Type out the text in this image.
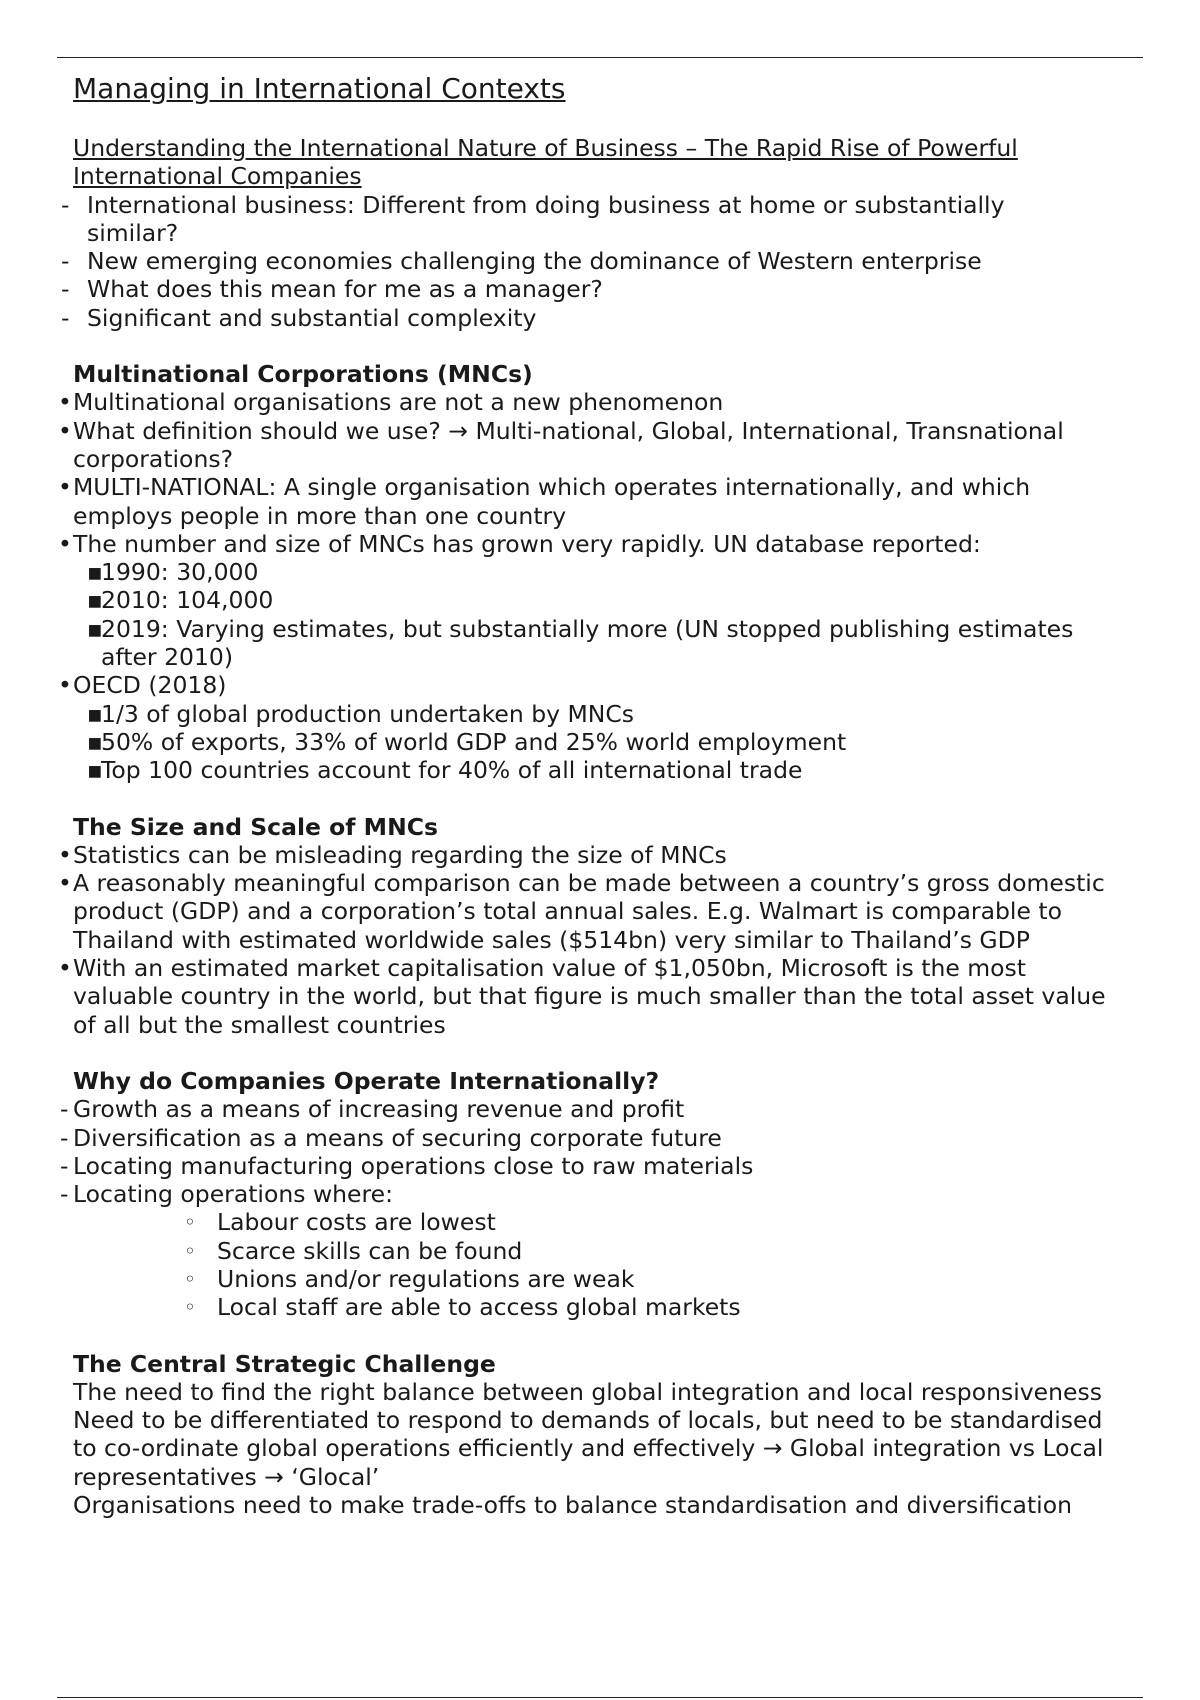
Managing in International Contexts
Understanding the International Nature of Business – The Rapid Rise of Powerful International Companies
- International business: Different from doing business at home or substantially similar?
- New emerging economies challenging the dominance of Western enterprise
- What does this mean for me as a manager?
- Significant and substantial complexity
Multinational Corporations (MNCs)
• Multinational organisations are not a new phenomenon
• What definition should we use? → Multi-national, Global, International, Transnational corporations?
• MULTI-NATIONAL: A single organisation which operates internationally, and which employs people in more than one country
• The number and size of MNCs has grown very rapidly. UN database reported:
▪ 1990: 30,000
▪ 2010: 104,000
▪ 2019: Varying estimates, but substantially more (UN stopped publishing estimates after 2010)
• OECD (2018)
▪ 1/3 of global production undertaken by MNCs
▪ 50% of exports, 33% of world GDP and 25% world employment
▪ Top 100 countries account for 40% of all international trade
The Size and Scale of MNCs
• Statistics can be misleading regarding the size of MNCs
• A reasonably meaningful comparison can be made between a country’s gross domestic product (GDP) and a corporation’s total annual sales. E.g. Walmart is comparable to Thailand with estimated worldwide sales ($514bn) very similar to Thailand’s GDP
• With an estimated market capitalisation value of $1,050bn, Microsoft is the most valuable country in the world, but that figure is much smaller than the total asset value of all but the smallest countries
Why do Companies Operate Internationally?
- Growth as a means of increasing revenue and profit
- Diversification as a means of securing corporate future
- Locating manufacturing operations close to raw materials
- Locating operations where:
◦ Labour costs are lowest
◦ Scarce skills can be found
◦ Unions and/or regulations are weak
◦ Local staff are able to access global markets
The Central Strategic Challenge
The need to find the right balance between global integration and local responsiveness
Need to be differentiated to respond to demands of locals, but need to be standardised to co-ordinate global operations efficiently and effectively → Global integration vs Local representatives → ‘Glocal’
Organisations need to make trade-offs to balance standardisation and diversification
